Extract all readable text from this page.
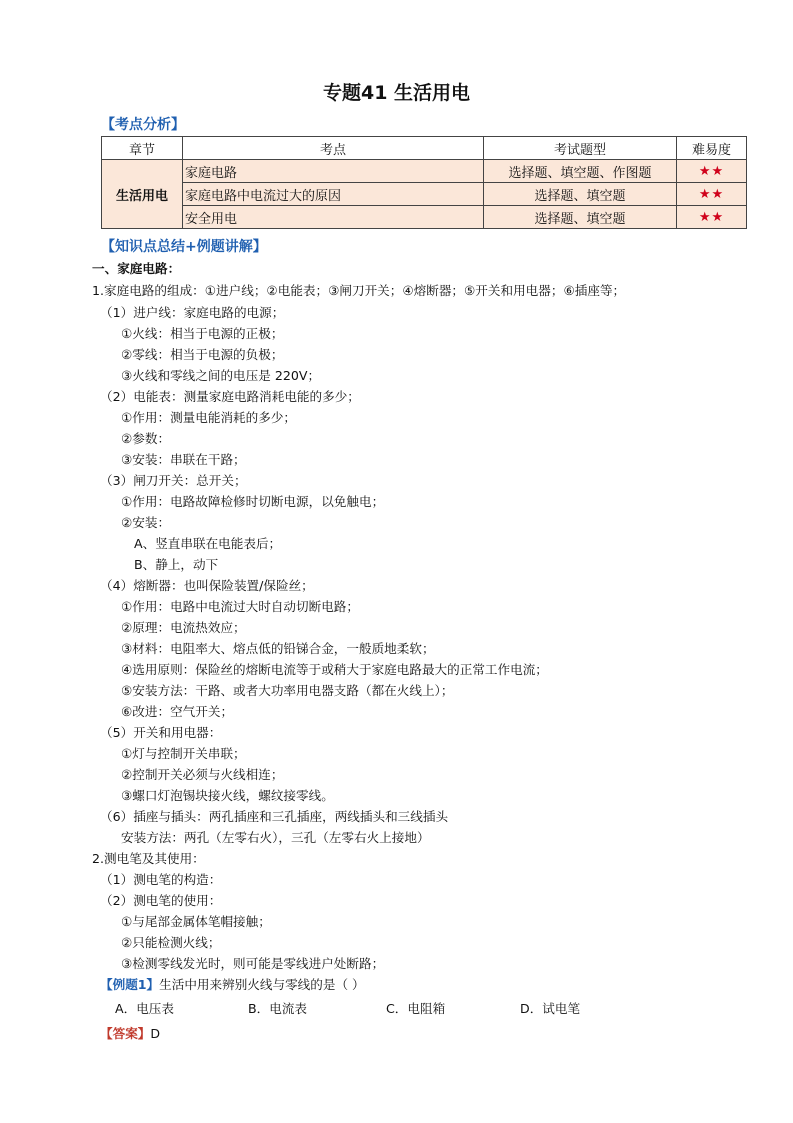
专题41 生活用电
【考点分析】
章节	考点	考试题型	难易度
生活用电	家庭电路	选择题、填空题、作图题	★★
	家庭电路中电流过大的原因	选择题、填空题	★★
	安全用电	选择题、填空题	★★
【知识点总结+例题讲解】
一、家庭电路：
1.家庭电路的组成：①进户线；②电能表；③闸刀开关；④熔断器；⑤开关和用电器；⑥插座等；
（1）进户线：家庭电路的电源；
①火线：相当于电源的正极；
②零线：相当于电源的负极；
③火线和零线之间的电压是 220V；
（2）电能表：测量家庭电路消耗电能的多少；
①作用：测量电能消耗的多少；
②参数：
③安装：串联在干路；
（3）闸刀开关：总开关；
①作用：电路故障检修时切断电源，以免触电；
②安装：
A、竖直串联在电能表后；
B、静上，动下
（4）熔断器：也叫保险装置/保险丝；
①作用：电路中电流过大时自动切断电路；
②原理：电流热效应；
③材料：电阻率大、熔点低的铅锑合金，一般质地柔软；
④选用原则：保险丝的熔断电流等于或稍大于家庭电路最大的正常工作电流；
⑤安装方法：干路、或者大功率用电器支路（都在火线上）；
⑥改进：空气开关；
（5）开关和用电器：
①灯与控制开关串联；
②控制开关必须与火线相连；
③螺口灯泡锡块接火线，螺纹接零线。
（6）插座与插头：两孔插座和三孔插座，两线插头和三线插头
安装方法：两孔（左零右火），三孔（左零右火上接地）
2.测电笔及其使用：
（1）测电笔的构造：
（2）测电笔的使用：
①与尾部金属体笔帽接触；
②只能检测火线；
③检测零线发光时，则可能是零线进户处断路；
【例题1】生活中用来辨别火线与零线的是（ ）
A．电压表	B．电流表	C．电阻箱	D．试电笔
【答案】D
